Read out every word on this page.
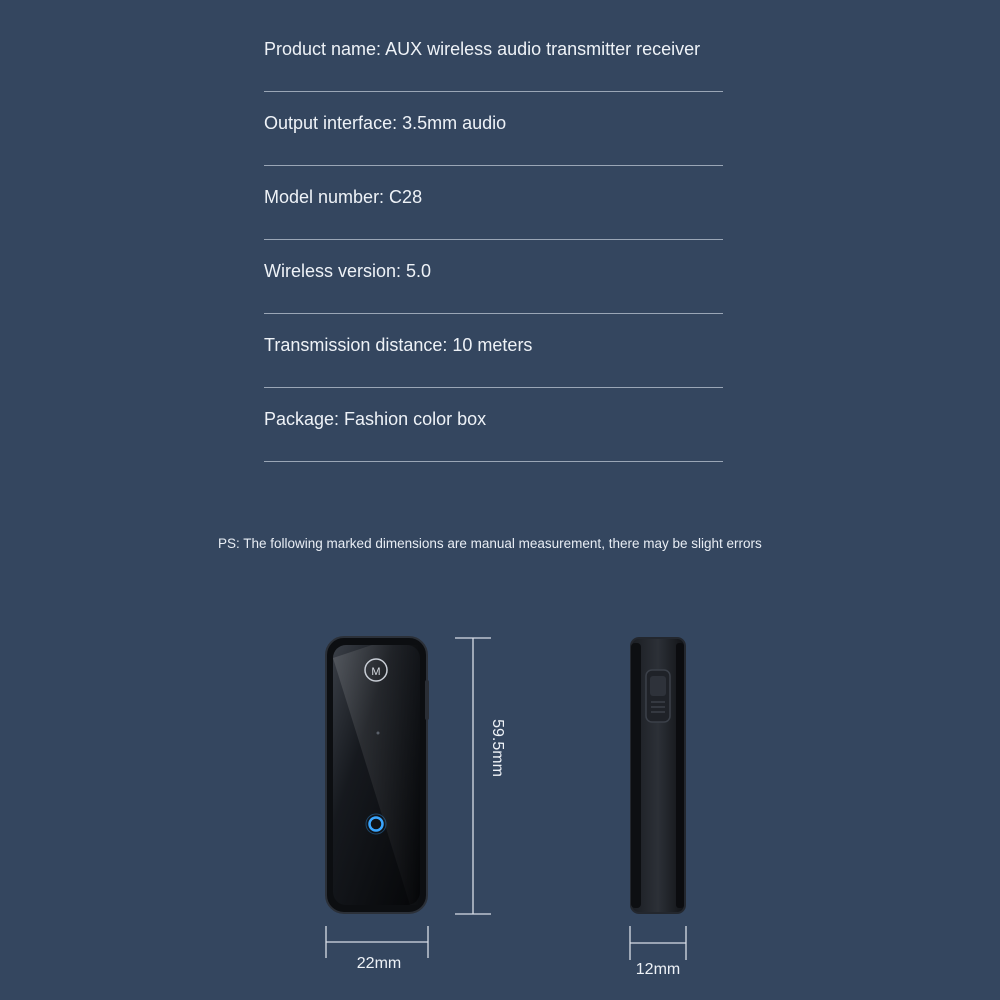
Product name: AUX wireless audio transmitter receiver
Output interface: 3.5mm audio
Model number: C28
Wireless version: 5.0
Transmission distance: 10 meters
Package: Fashion color box
PS: The following marked dimensions are manual measurement, there may be slight errors
M
59.5mm
22mm	12mm
